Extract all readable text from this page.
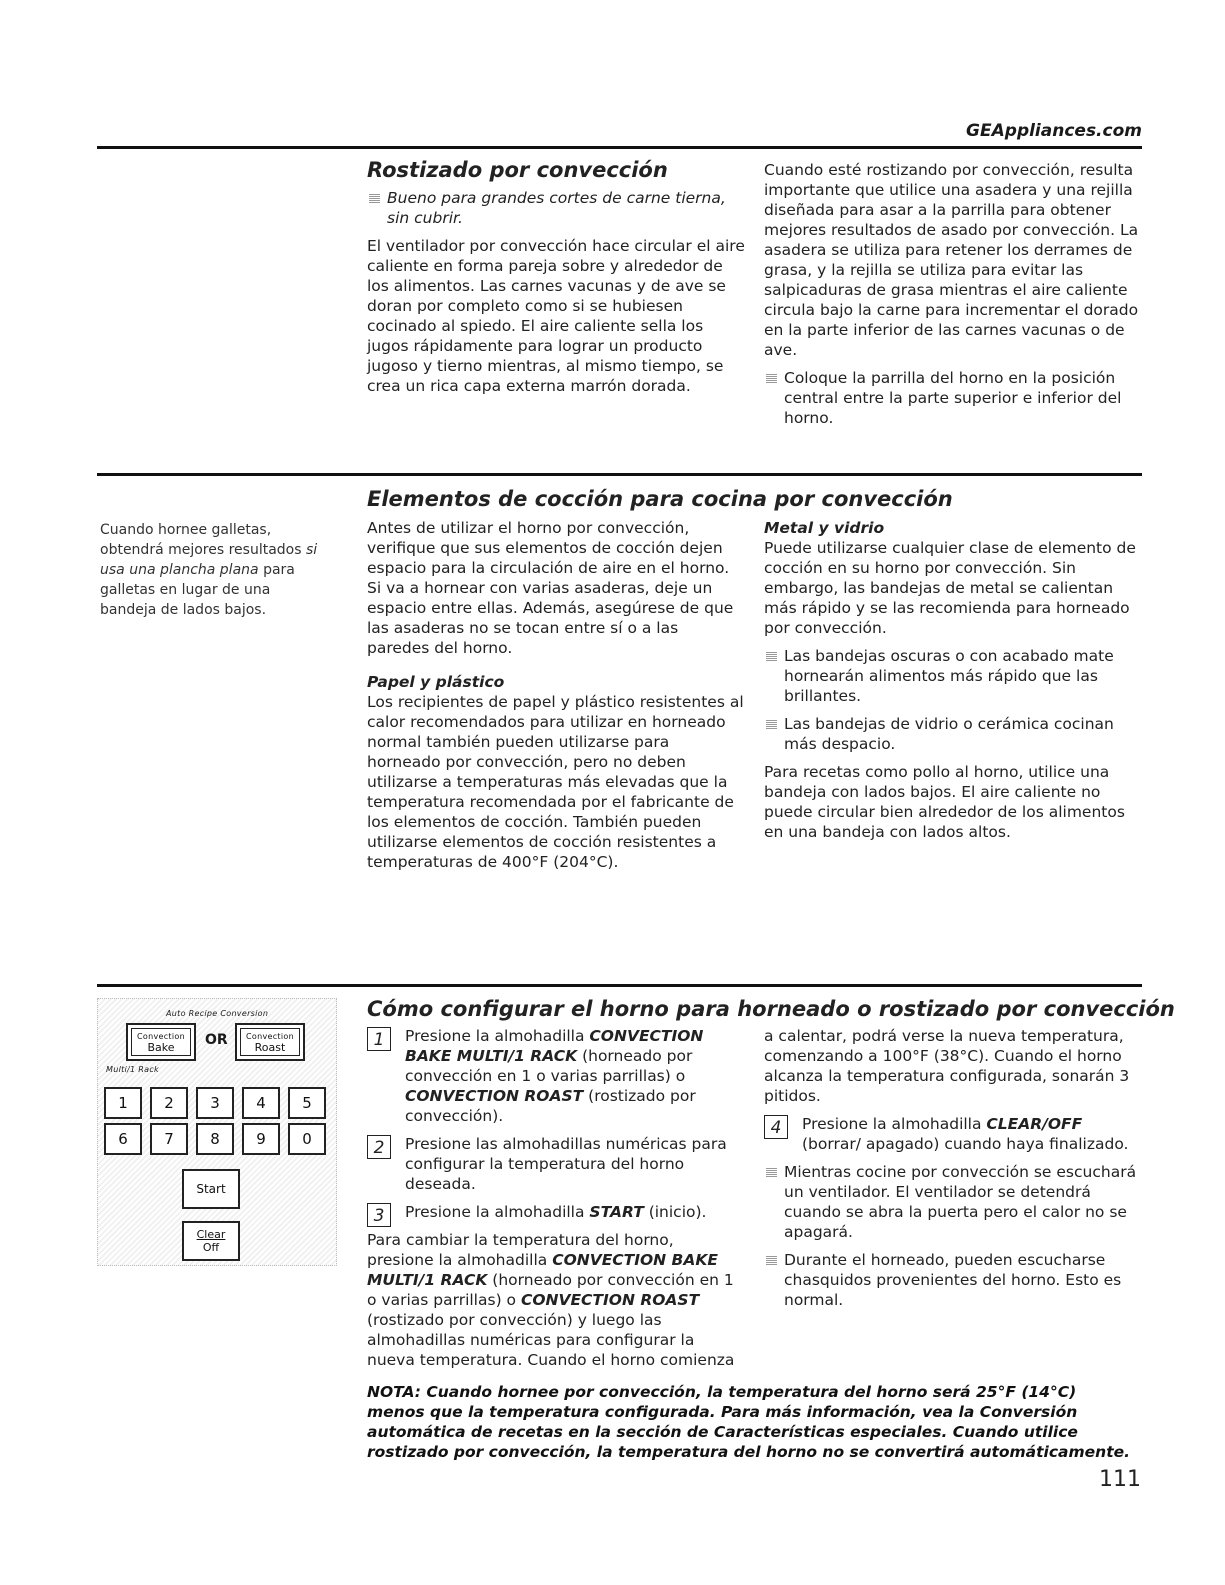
GEAppliances.com
Rostizado por convección
Bueno para grandes cortes de carne tierna, sin cubrir.

El ventilador por convección hace circular el aire caliente en forma pareja sobre y alrededor de los alimentos. Las carnes vacunas y de ave se doran por completo como si se hubiesen cocinado al spiedo. El aire caliente sella los jugos rápidamente para lograr un producto jugoso y tierno mientras, al mismo tiempo, se crea un rica capa externa marrón dorada.

Cuando esté rostizando por convección, resulta importante que utilice una asadera y una rejilla diseñada para asar a la parrilla para obtener mejores resultados de asado por convección. La asadera se utiliza para retener los derrames de grasa, y la rejilla se utiliza para evitar las salpicaduras de grasa mientras el aire caliente circula bajo la carne para incrementar el dorado en la parte inferior de las carnes vacunas o de ave.

Coloque la parrilla del horno en la posición central entre la parte superior e inferior del horno.
Elementos de cocción para cocina por convección
Cuando hornee galletas, obtendrá mejores resultados si usa una plancha plana para galletas en lugar de una bandeja de lados bajos.

Antes de utilizar el horno por convección, verifique que sus elementos de cocción dejen espacio para la circulación de aire en el horno. Si va a hornear con varias asaderas, deje un espacio entre ellas. Además, asegúrese de que las asaderas no se tocan entre sí o a las paredes del horno.

Papel y plástico

Los recipientes de papel y plástico resistentes al calor recomendados para utilizar en horneado normal también pueden utilizarse para horneado por convección, pero no deben utilizarse a temperaturas más elevadas que la temperatura recomendada por el fabricante de los elementos de cocción. También pueden utilizarse elementos de cocción resistentes a temperaturas de 400°F (204°C).

Metal y vidrio

Puede utilizarse cualquier clase de elemento de cocción en su horno por convección. Sin embargo, las bandejas de metal se calientan más rápido y se las recomienda para horneado por convección.

Las bandejas oscuras o con acabado mate hornearán alimentos más rápido que las brillantes.
Las bandejas de vidrio o cerámica cocinan más despacio.

Para recetas como pollo al horno, utilice una bandeja con lados bajos. El aire caliente no puede circular bien alrededor de los alimentos en una bandeja con lados altos.

Auto Recipe Conversion
Convection
Bake	OR	Convection
Roast
Multi/1 Rack
1	2	3	4	5
6	7	8	9	0
Start
Clear
Off
Cómo configurar el horno para horneado o rostizado por convección
1	Presione la almohadilla CONVECTION BAKE MULTI/1 RACK (horneado por convección en 1 o varias parrillas) o CONVECTION ROAST (rostizado por convección).
2	Presione las almohadillas numéricas para configurar la temperatura del horno deseada.
3	Presione la almohadilla START (inicio).

Para cambiar la temperatura del horno, presione la almohadilla CONVECTION BAKE MULTI/1 RACK (horneado por convección en 1 o varias parrillas) o CONVECTION ROAST (rostizado por convección) y luego las almohadillas numéricas para configurar la nueva temperatura. Cuando el horno comienza

a calentar, podrá verse la nueva temperatura, comenzando a 100°F (38°C). Cuando el horno alcanza la temperatura configurada, sonarán 3 pitidos.

4	Presione la almohadilla CLEAR/OFF (borrar/ apagado) cuando haya finalizado.
Mientras cocine por convección se escuchará un ventilador. El ventilador se detendrá cuando se abra la puerta pero el calor no se apagará.
Durante el horneado, pueden escucharse chasquidos provenientes del horno. Esto es normal.
NOTA: Cuando hornee por convección, la temperatura del horno será 25°F (14°C) menos que la temperatura configurada. Para más información, vea la Conversión automática de recetas en la sección de Características especiales. Cuando utilice rostizado por convección, la temperatura del horno no se convertirá automáticamente.
111
